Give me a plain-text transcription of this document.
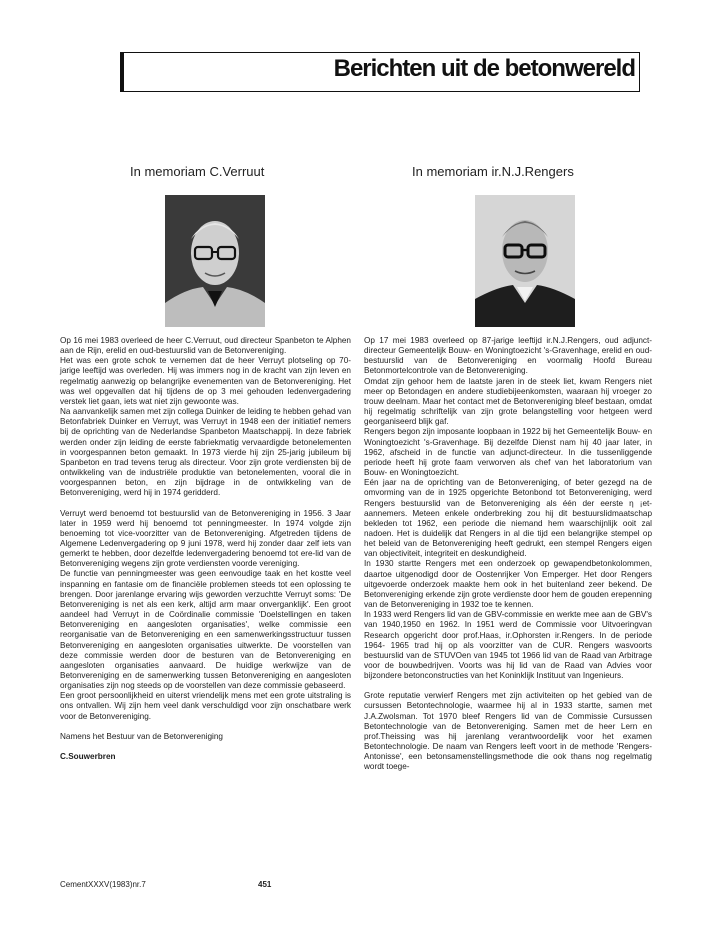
Berichten uit de betonwereld
In memoriam C.Verruut	In memoriam ir.N.J.Rengers

Op 16 mei 1983 overleed de heer C.Verruut, oud directeur Spanbeton te Alphen aan de Rijn, erelid en oud-bestuurslid van de Betonvereniging.
Het was een grote schok te vernemen dat de heer Verruyt plotseling op 70-jarige leeftijd was overleden. Hij was immers nog in de kracht van zijn leven en regelmatig aanwezig op belangrijke evenementen van de Betonvereniging. Het was wel opgevallen dat hij tijdens de op 3 mei gehouden ledenvergadering verstek liet gaan, iets wat niet zijn gewoonte was.
Na aanvankelijk samen met zijn collega Duinker de leiding te hebben gehad van Betonfabriek Duinker en Verruyt, was Verruyt in 1948 een der initiatief nemers bij de oprichting van de Nederlandse Spanbeton Maatschappij. In deze fabriek werden onder zijn leiding de eerste fabriekmatig vervaardigde betonelementen in voorgespannen beton gemaakt. In 1973 vierde hij zijn 25-jarig jubileum bij Spanbeton en trad tevens terug als directeur. Voor zijn grote verdiensten bij de ontwikkeling van de industriële produktie van betonelementen, vooral die in voorgespannen beton, en zijn bijdrage in de ontwikkeling van de Betonvereniging, werd hij in 1974 geridderd.

Verruyt werd benoemd tot bestuurslid van de Betonvereniging in 1956. 3 Jaar later in 1959 werd hij benoemd tot penningmeester. In 1974 volgde zijn benoeming tot vice-voorzitter van de Betonvereniging. Afgetreden tijdens de Algemene Ledenvergadering op 9 juni 1978, werd hij zonder daar zelf iets van gemerkt te hebben, door dezelfde ledenvergadering benoemd tot ere-lid van de Betonvereniging wegens zijn grote verdiensten voorde vereniging.
De functie van penningmeester was geen eenvoudige taak en het kostte veel inspanning en fantasie om de financiële problemen steeds tot een oplossing te brengen. Door jarenlange ervaring wijs geworden verzuchtte Verruyt soms: 'De Betonvereniging is net als een kerk, altijd arm maar onverganklijk'. Een groot aandeel had Verruyt in de Coördinalie commissie 'Doelstellingen en taken Betonvereniging en aangesloten organisaties', welke commissie een reorganisatie van de Betonvereniging en een samenwerkingsstructuur tussen Betonvereniging en aangesloten organisaties uitwerkte. De voorstellen van deze commissie werden door de besturen van de Betonvereniging en aangesloten organisaties aanvaard. De huidige werkwijze van de Betonvereniging en de samenwerking tussen Betonvereniging en aangesloten organisaties zijn nog steeds op de voorstellen van deze commissie gebaseerd.
Een groot persoonlijkheid en uiterst vriendelijk mens met een grote uitstraling is ons ontvallen. Wij zijn hem veel dank verschuldigd voor zijn onschatbare werk voor de Betonvereniging.

Namens het Bestuur van de Betonvereniging

C.Souwerbren

Op 17 mei 1983 overleed op 87-jarige leeftijd ir.N.J.Rengers, oud adjunct-directeur Gemeentelijk Bouw- en Woningtoezicht 's-Gravenhage, erelid en oud-bestuurslid van de Betonvereniging en voormalig Hoofd Bureau Betonmortelcontrole van de Betonvereniging.
Omdat zijn gehoor hem de laatste jaren in de steek liet, kwam Rengers niet meer op Betondagen en andere studiebijeenkomsten, waaraan hij vroeger zo trouw deelnam. Maar het contact met de Betonvereniging bleef bestaan, omdat hij regelmatig schriftelijk van zijn grote belangstelling voor hetgeen werd georganiseerd blijk gaf.
Rengers begon zijn imposante loopbaan in 1922 bij het Gemeentelijk Bouw- en Woningtoezicht 's-Gravenhage. Bij dezelfde Dienst nam hij 40 jaar later, in 1962, afscheid in de functie van adjunct-directeur. In die tussenliggende periode heeft hij grote faam verworven als chef van het laboratorium van Bouw- en Woningtoezicht.
Eén jaar na de oprichting van de Betonvereniging, of beter gezegd na de omvorming van de in 1925 opgerichte Betonbond tot Betonvereniging, werd Rengers bestuurslid van de Betonvereniging als één der eerste η ¡et-aannemers. Meteen enkele onderbreking zou hij dit bestuurslidmaatschap bekleden tot 1962, een periode die niemand hem waarschijnlijk ooit zal nadoen. Het is duidelijk dat Rengers in al die tijd een belangrijke stempel op het beleid van de Betonvereniging heeft gedrukt, een stempel Rengers eigen van objectiviteit, integriteit en deskundigheid.
In 1930 startte Rengers met een onderzoek op gewapendbetonkolommen, daartoe uitgenodigd door de Oostenrijker Von Emperger. Het door Rengers uitgevoerde onderzoek maakte hem ook in het buitenland zeer bekend. De Betonvereniging erkende zijn grote verdienste door hem de gouden erepenning van de Betonvereniging in 1932 toe te kennen.
In 1933 werd Rengers lid van de GBV-commissie en werkte mee aan de GBV's van 1940,1950 en 1962. In 1951 werd de Commissie voor Uitvoeringvan Research opgericht door prof.Haas, ir.Ophorsten ir.Rengers. In de periode 1964- 1965 trad hij op als voorzitter van de CUR. Rengers wasvoorts bestuurslid van de STUVOen van 1945 tot 1966 lid van de Raad van Arbitrage voor de bouwbedrijven. Voorts was hij lid van de Raad van Advies voor bijzondere betonconstructies van het Koninklijk Instituut van Ingenieurs.

Grote reputatie verwierf Rengers met zijn activiteiten op het gebied van de cursussen Betontechnologie, waarmee hij al in 1933 startte, samen met J.A.Zwolsman. Tot 1970 bleef Rengers lid van de Commissie Cursussen Betontechnologie van de Betonvereniging. Samen met de heer Lern en prof.Theissing was hij jarenlang verantwoordelijk voor het examen Betontechnologie. De naam van Rengers leeft voort in de methode 'Rengers-Antonisse', een betonsamenstellingsmethode die ook thans nog regelmatig wordt toege-

CementXXXV(1983)nr.7	451
